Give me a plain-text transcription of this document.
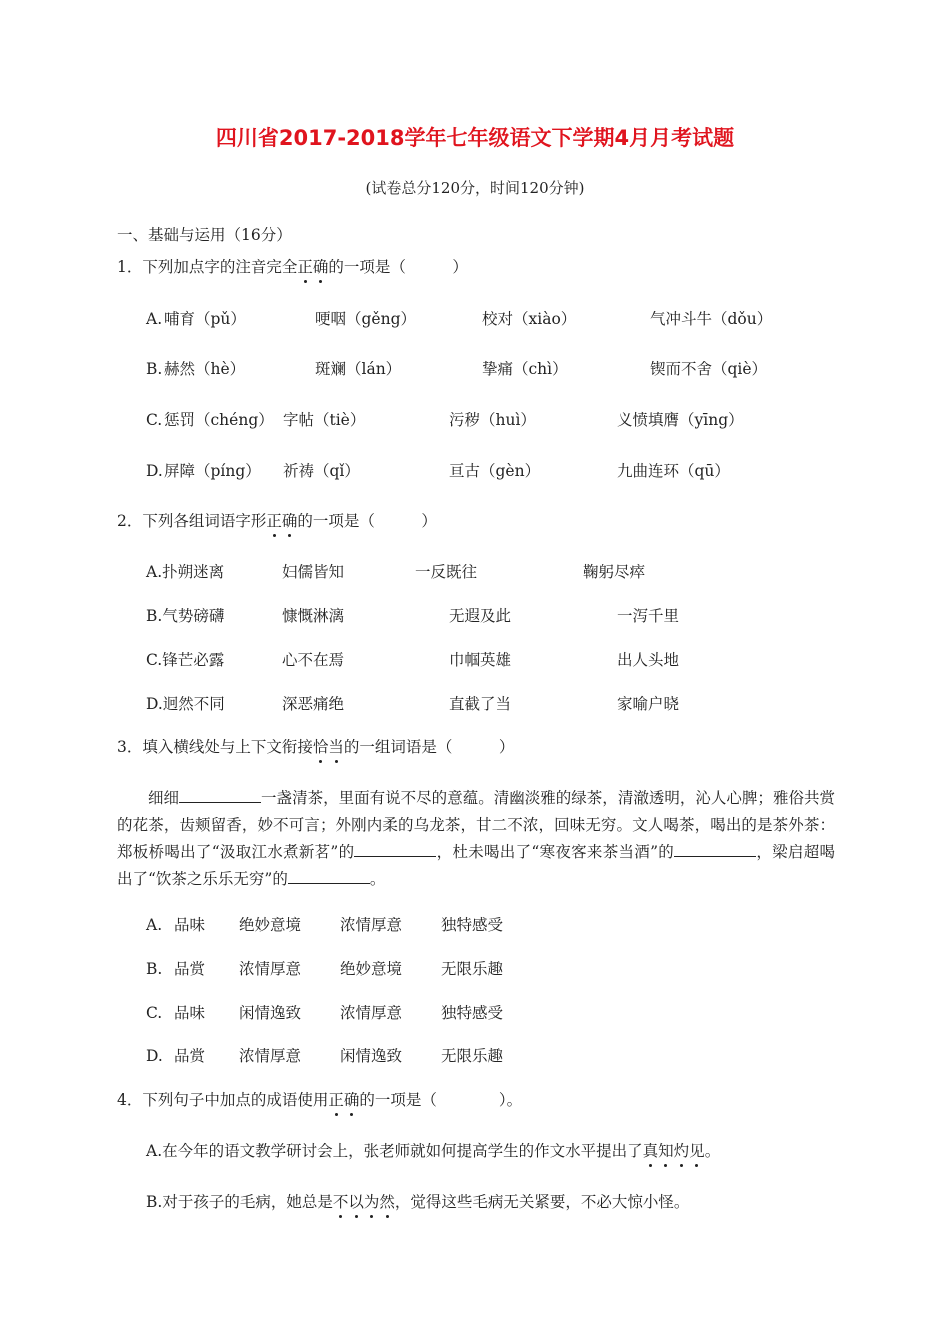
四川省2017-2018学年七年级语文下学期4月月考试题
(试卷总分120分，时间120分钟)
一、基础与运用（16分）
1．下列加点字的注音完全正确的一项是（　　　）
A. 哺育（pǔ）	哽咽（gěng）	校对（xiào）	气冲斗牛（dǒu）
B. 赫然（hè）	斑斓（lán）	挚痛（chì）	锲而不舍（qiè）
C. 惩罚（chéng） 字帖（tiè）	污秽（huì）	义愤填膺（yīng）
D. 屏障（píng） 祈祷（qǐ）	亘古（gèn）	九曲连环（qū）
2．下列各组词语字形正确的一项是（　　　）
A.扑朔迷离	妇儒皆知	一反既往	鞠躬尽瘁
B.气势磅礴	慷慨淋漓	无遐及此	一泻千里
C.锋芒必露	心不在焉	巾帼英雄	出人头地
D.迥然不同	深恶痛绝	直截了当	家喻户晓
3．填入横线处与上下文衔接恰当的一组词语是（　　　）

细细	一盏清茶，里面有说不尽的意蕴。清幽淡雅的绿茶，清澈透明，沁人心脾；雅俗共赏的花茶，齿颊留香，妙不可言；外刚内柔的乌龙茶，甘二不浓，回味无穷。文人喝茶，喝出的是茶外茶：郑板桥喝出了“汲取江水煮新茗”的	，杜未喝出了“寒夜客来茶当酒”的	，梁启超喝出了“饮茶之乐乐无穷”的	。

A. 品味 绝妙意境	浓情厚意	独特感受
B. 品赏 浓情厚意	绝妙意境	无限乐趣
C. 品味 闲情逸致	浓情厚意	独特感受
D. 品赏 浓情厚意	闲情逸致	无限乐趣
4．下列句子中加点的成语使用正确的一项是（　　　　）。
A.在今年的语文教学研讨会上，张老师就如何提高学生的作文水平提出了真知灼见。
B.对于孩子的毛病，她总是不以为然，觉得这些毛病无关紧要，不必大惊小怪。
